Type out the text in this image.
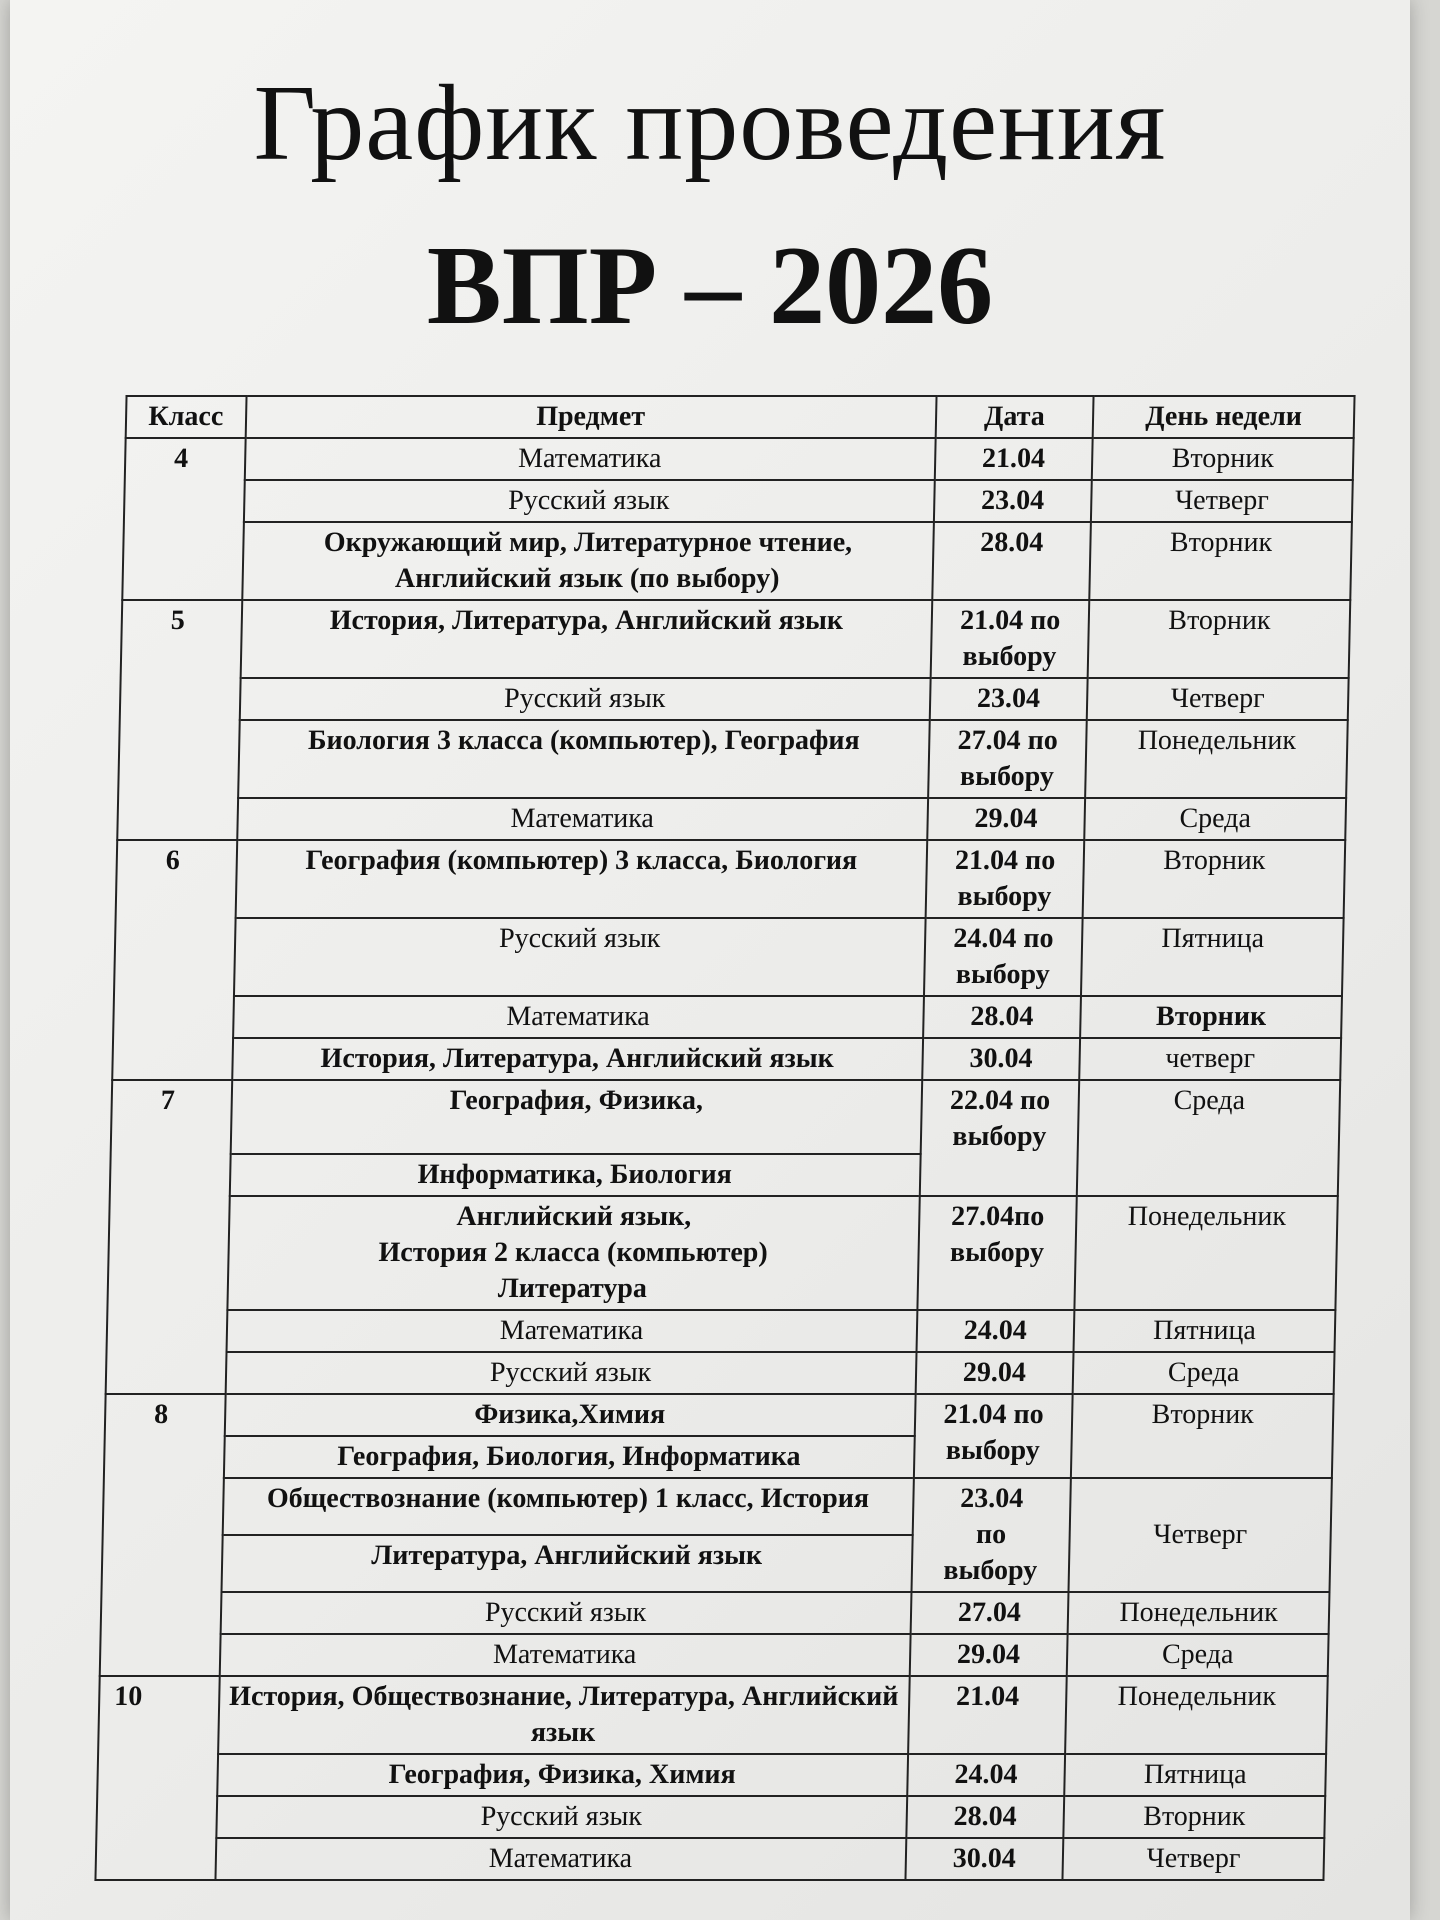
График проведения
ВПР – 2026
Класс	Предмет	Дата	День недели
4	Математика	21.04	Вторник
	Русский язык	23.04	Четверг
	Окружающий мир, Литературное чтение, Английский язык (по выбору)	28.04	Вторник
5	История, Литература, Английский язык	21.04 по выбору	Вторник
	Русский язык	23.04	Четверг
	Биология 3 класса (компьютер), География	27.04 по выбору	Понедельник
	Математика	29.04	Среда
6	География (компьютер) 3 класса, Биология	21.04 по выбору	Вторник
	Русский язык	24.04 по выбору	Пятница
	Математика	28.04	Вторник
	История, Литература, Английский язык	30.04	четверг
7	География, Физика,	22.04 по выбору	Среда
	Информатика, Биология		

	Английский язык,
История 2 класса (компьютер)
Литература	27.04по выбору	Понедельник
	Математика	24.04	Пятница
	Русский язык	29.04	Среда
8	Физика,Химия	21.04 по выбору	Вторник
	География, Биология, Информатика		
	Обществознание (компьютер) 1 класс, История	23.04
по
выбору	Четверг
	Литература, Английский язык		
	Русский язык	27.04	Понедельник
	Математика	29.04	Среда
10	История, Обществознание, Литература, Английский язык	21.04	Понедельник
	География, Физика, Химия	24.04	Пятница
	Русский язык	28.04	Вторник
	Математика	30.04	Четверг
